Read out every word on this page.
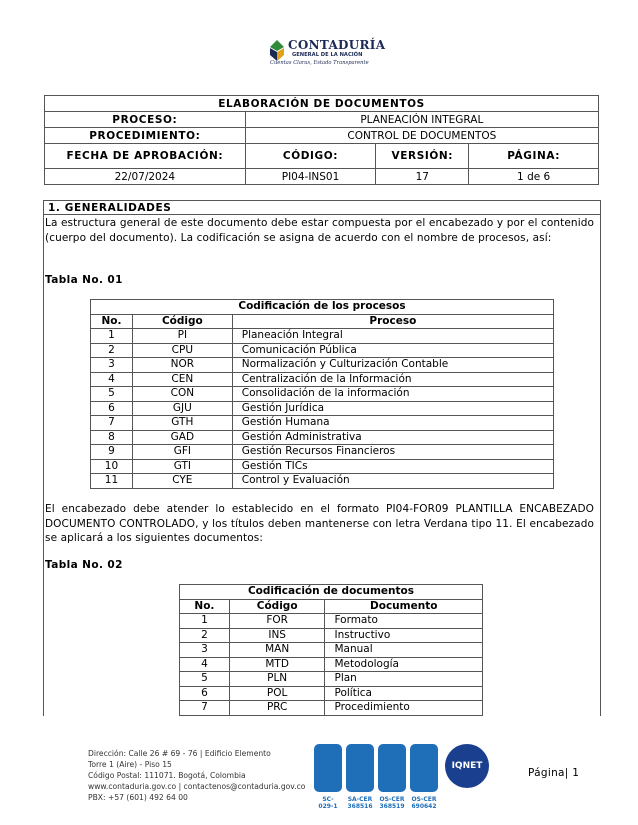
CONTADURÍA
GENERAL DE LA NACIÓN
Cuentas Claras, Estado Transparente
ELABORACIÓN DE DOCUMENTOS			
PROCESO:	PLANEACIÓN INTEGRAL		
PROCEDIMIENTO:	CONTROL DE DOCUMENTOS		
FECHA DE APROBACIÓN:	CÓDIGO:	VERSIÓN:	PÁGINA:
22/07/2024	PI04-INS01	17	1 de 6
1. GENERALIDADES
La estructura general de este documento debe estar compuesta por el encabezado y por el contenido (cuerpo del documento). La codificación se asigna de acuerdo con el nombre de procesos, así:
Tabla No. 01
El encabezado debe atender lo establecido en el formato PI04-FOR09 PLANTILLA ENCABEZADO DOCUMENTO CONTROLADO, y los títulos deben mantenerse con letra Verdana tipo 11. El encabezado se aplicará a los siguientes documentos:
Tabla No. 02
Codificación de los procesos		
No.	Código	Proceso
1	PI	Planeación Integral
2	CPU	Comunicación Pública
3	NOR	Normalización y Culturización Contable
4	CEN	Centralización de la Información
5	CON	Consolidación de la información
6	GJU	Gestión Jurídica
7	GTH	Gestión Humana
8	GAD	Gestión Administrativa
9	GFI	Gestión Recursos Financieros
10	GTI	Gestión TICs
11	CYE	Control y Evaluación
Codificación de documentos		
No.	Código	Documento
1	FOR	Formato
2	INS	Instructivo
3	MAN	Manual
4	MTD	Metodología
5	PLN	Plan
6	POL	Política
7	PRC	Procedimiento
Dirección: Calle 26 # 69 - 76 | Edificio Elemento
Torre 1 (Aire) - Piso 15
Código Postal: 111071. Bogotá, Colombia
www.contaduria.gov.co | contactenos@contaduria.gov.co
PBX: +57 (601) 492 64 00	SC-
029-1
SA-CER
368516
OS-CER
368519
OS-CER
690642
IQNET
Página| 1
